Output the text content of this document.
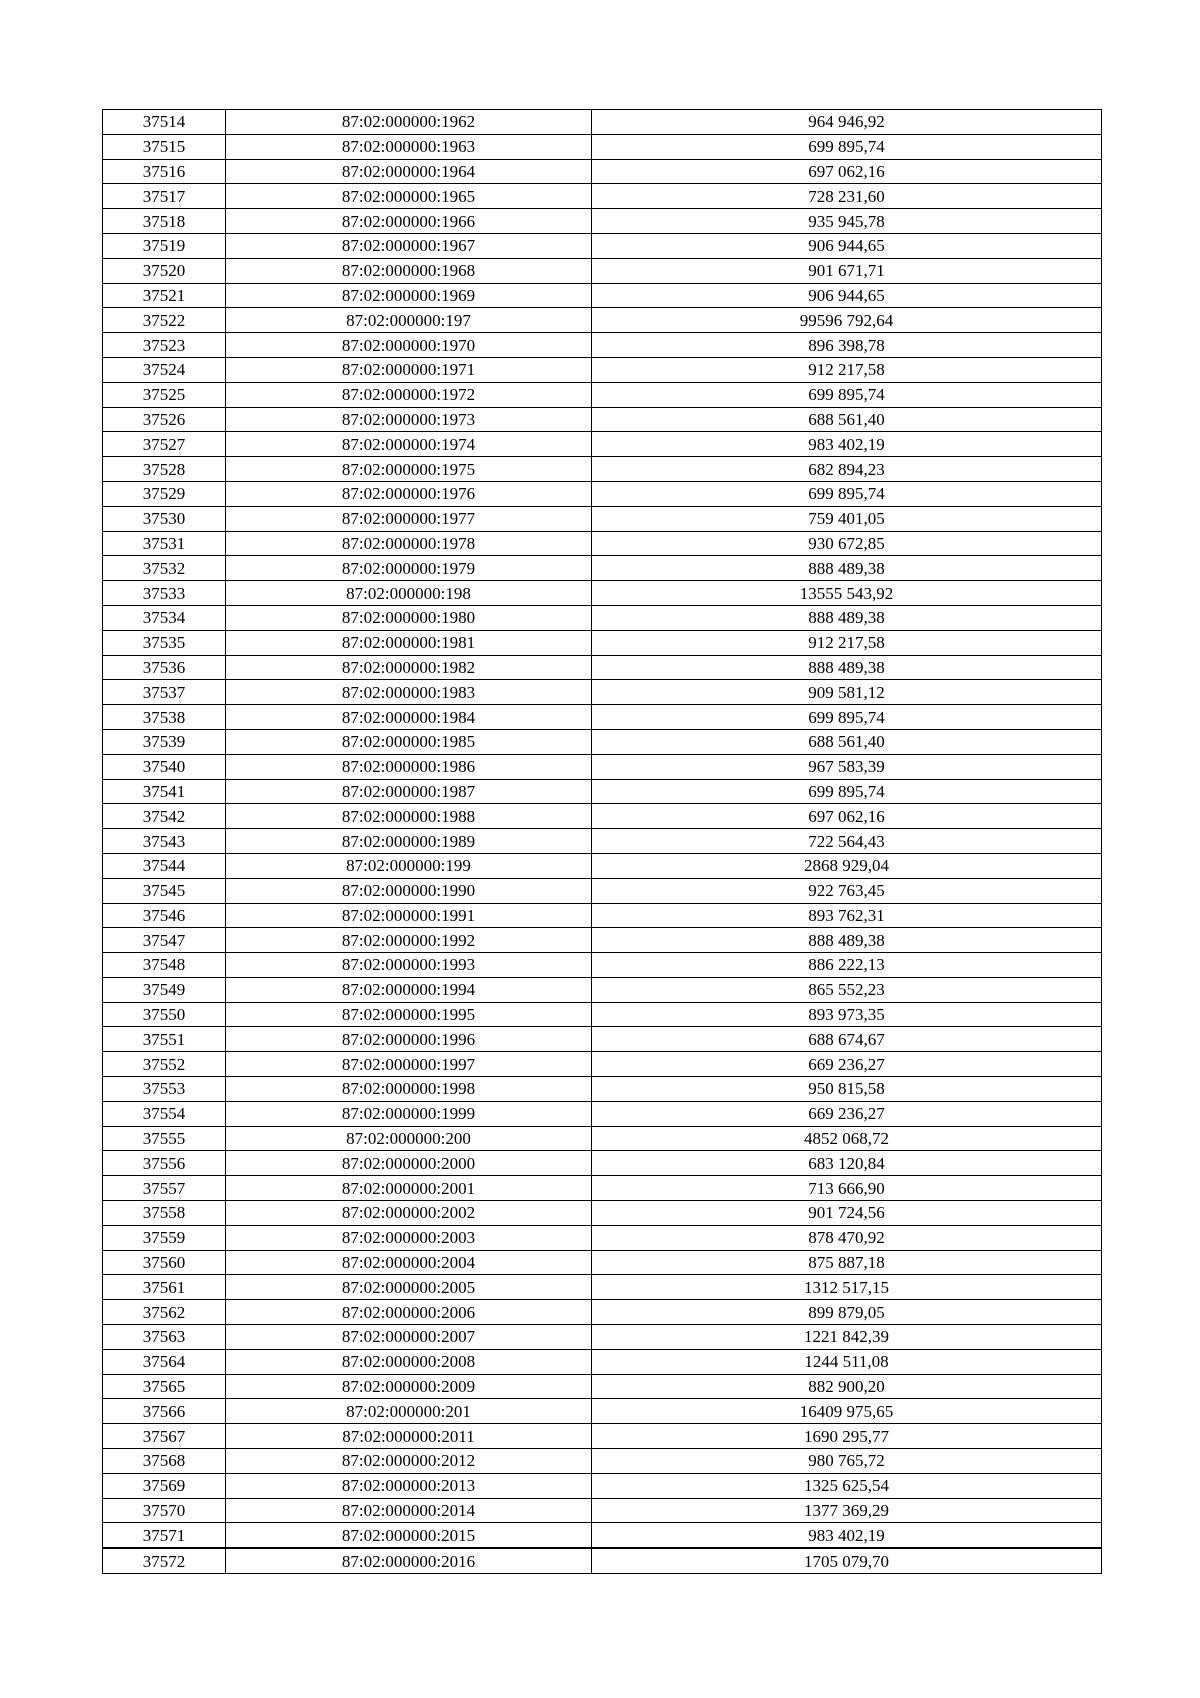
37514	87:02:000000:1962	964 946,92
37515	87:02:000000:1963	699 895,74
37516	87:02:000000:1964	697 062,16
37517	87:02:000000:1965	728 231,60
37518	87:02:000000:1966	935 945,78
37519	87:02:000000:1967	906 944,65
37520	87:02:000000:1968	901 671,71
37521	87:02:000000:1969	906 944,65
37522	87:02:000000:197	99596 792,64
37523	87:02:000000:1970	896 398,78
37524	87:02:000000:1971	912 217,58
37525	87:02:000000:1972	699 895,74
37526	87:02:000000:1973	688 561,40
37527	87:02:000000:1974	983 402,19
37528	87:02:000000:1975	682 894,23
37529	87:02:000000:1976	699 895,74
37530	87:02:000000:1977	759 401,05
37531	87:02:000000:1978	930 672,85
37532	87:02:000000:1979	888 489,38
37533	87:02:000000:198	13555 543,92
37534	87:02:000000:1980	888 489,38
37535	87:02:000000:1981	912 217,58
37536	87:02:000000:1982	888 489,38
37537	87:02:000000:1983	909 581,12
37538	87:02:000000:1984	699 895,74
37539	87:02:000000:1985	688 561,40
37540	87:02:000000:1986	967 583,39
37541	87:02:000000:1987	699 895,74
37542	87:02:000000:1988	697 062,16
37543	87:02:000000:1989	722 564,43
37544	87:02:000000:199	2868 929,04
37545	87:02:000000:1990	922 763,45
37546	87:02:000000:1991	893 762,31
37547	87:02:000000:1992	888 489,38
37548	87:02:000000:1993	886 222,13
37549	87:02:000000:1994	865 552,23
37550	87:02:000000:1995	893 973,35
37551	87:02:000000:1996	688 674,67
37552	87:02:000000:1997	669 236,27
37553	87:02:000000:1998	950 815,58
37554	87:02:000000:1999	669 236,27
37555	87:02:000000:200	4852 068,72
37556	87:02:000000:2000	683 120,84
37557	87:02:000000:2001	713 666,90
37558	87:02:000000:2002	901 724,56
37559	87:02:000000:2003	878 470,92
37560	87:02:000000:2004	875 887,18
37561	87:02:000000:2005	1312 517,15
37562	87:02:000000:2006	899 879,05
37563	87:02:000000:2007	1221 842,39
37564	87:02:000000:2008	1244 511,08
37565	87:02:000000:2009	882 900,20
37566	87:02:000000:201	16409 975,65
37567	87:02:000000:2011	1690 295,77
37568	87:02:000000:2012	980 765,72
37569	87:02:000000:2013	1325 625,54
37570	87:02:000000:2014	1377 369,29
37571	87:02:000000:2015	983 402,19
37572	87:02:000000:2016	1705 079,70
